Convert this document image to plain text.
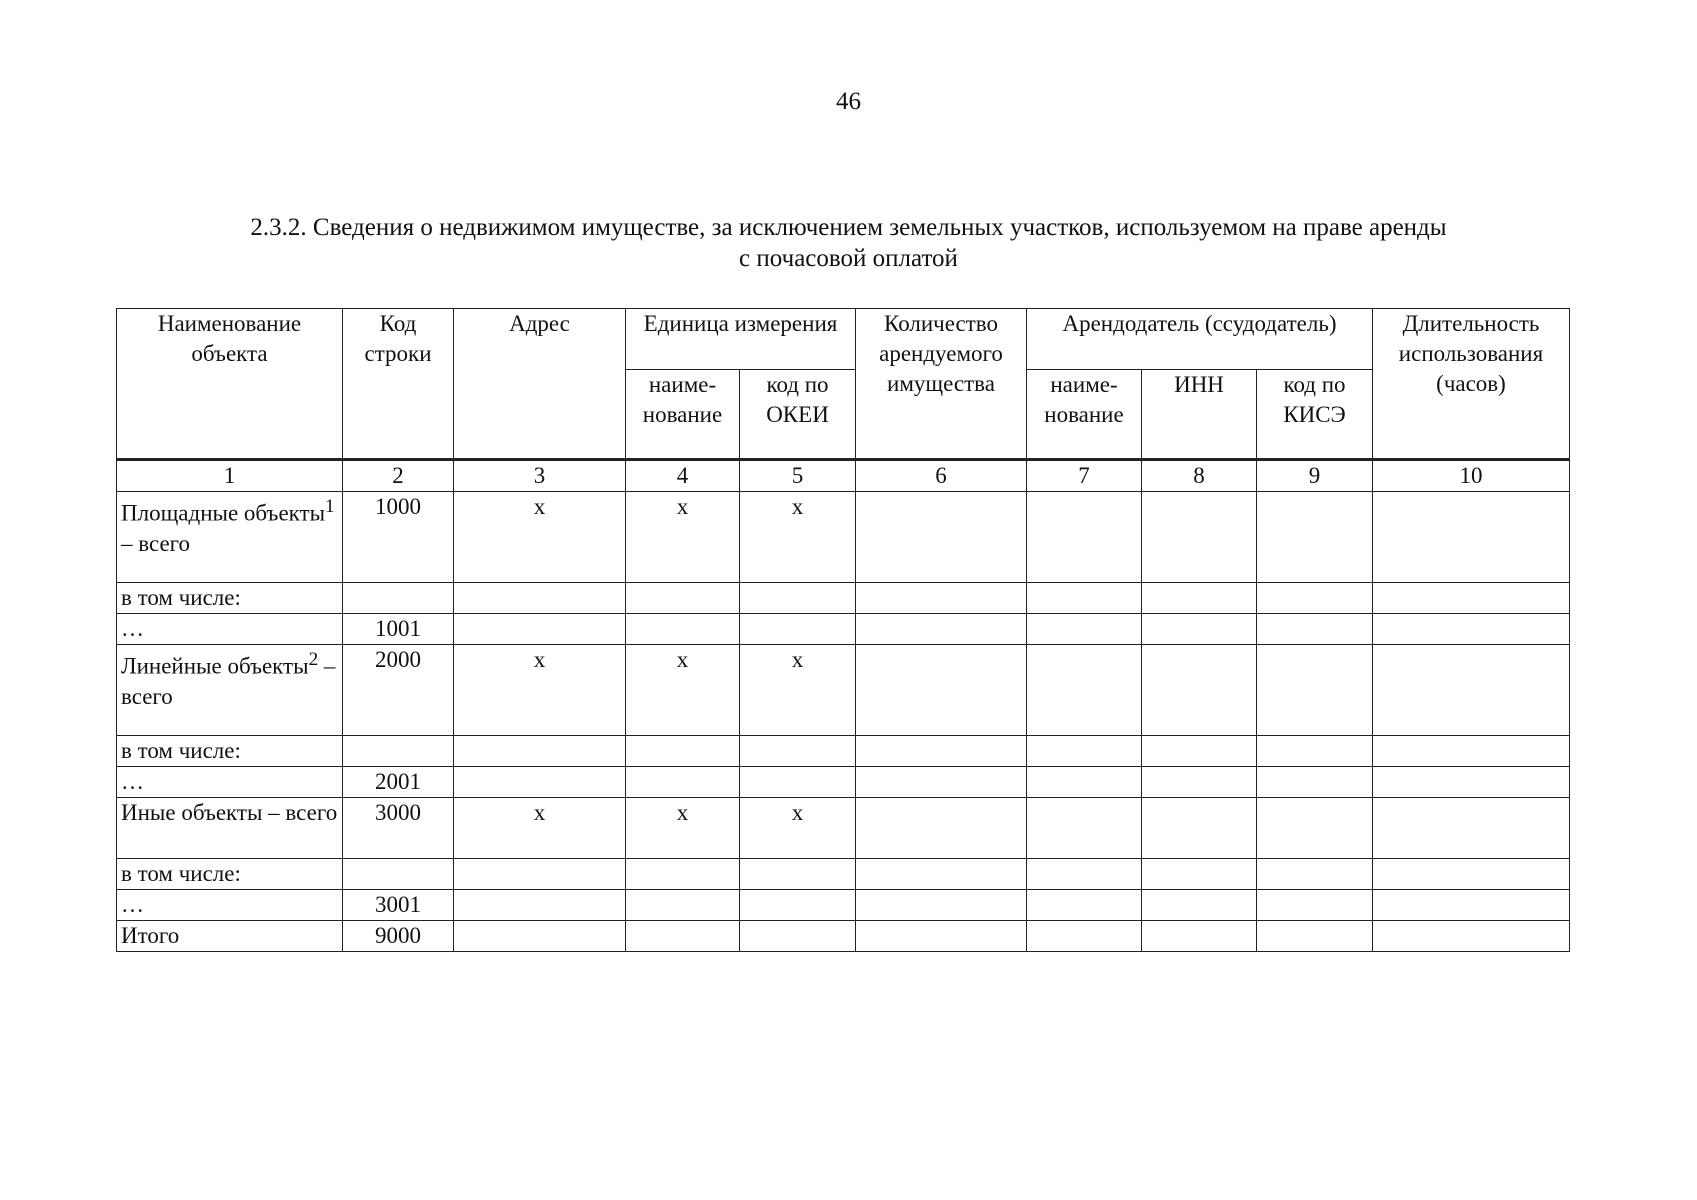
46
2.3.2. Сведения о недвижимом имуществе, за исключением земельных участков, используемом на праве аренды
с почасовой оплатой
Наименование объекта	Код строки	Адрес	Единица измерения		Количество арендуемого имущества	Арендодатель (ссудодатель)			Длительность использования (часов)
			наиме-нование	код по ОКЕИ		наиме-нование	ИНН	код по КИСЭ	
1	2	3	4	5	6	7	8	9	10
Площадные объекты$^1$ – всего	1000	x	x	x					
в том числе:									
…	1001								
Линейные объекты$^2$ – всего	2000	x	x	x					
в том числе:									
…	2001								
Иные объекты – всего	3000	x	x	x					
в том числе:									
…	3001								
Итого	9000								
